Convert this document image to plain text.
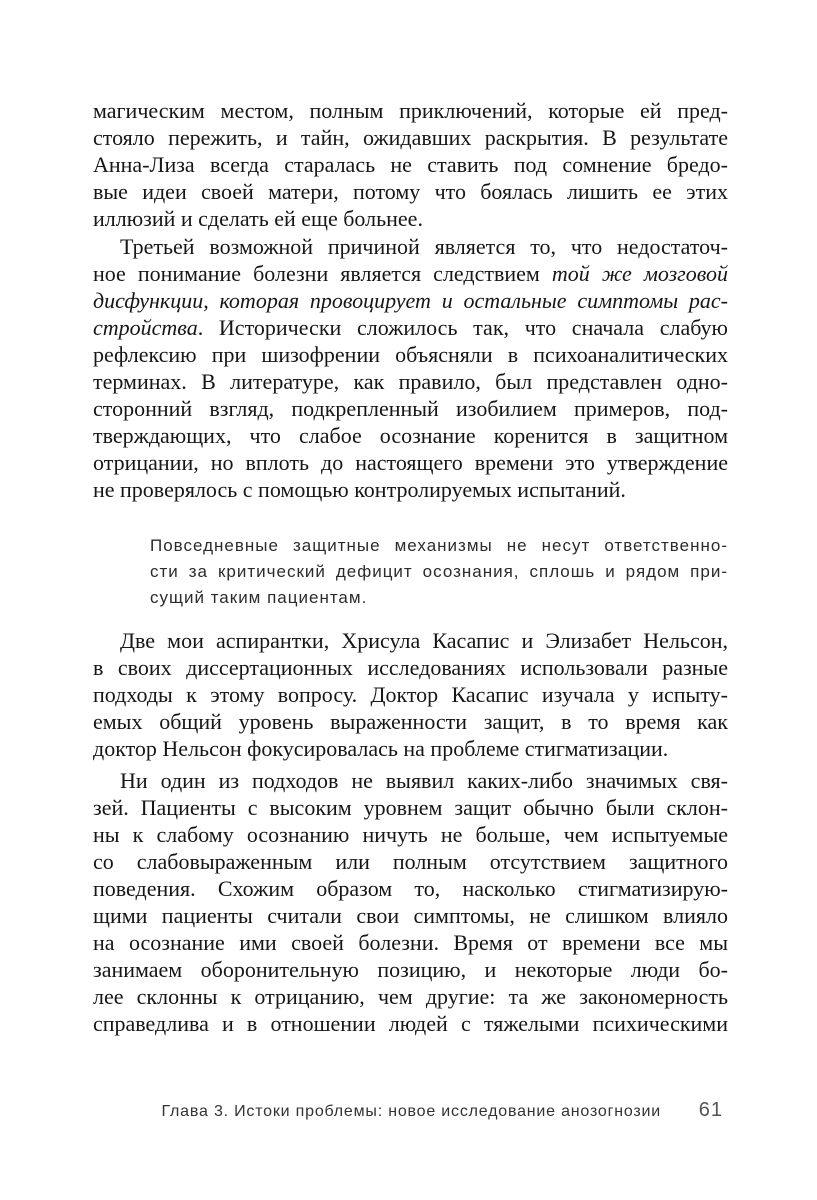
магическим местом, полным приключений, которые ей пред-
стояло пережить, и тайн, ожидавших раскрытия. В результате
Анна-Лиза всегда старалась не ставить под сомнение бредо-
вые идеи своей матери, потому что боялась лишить ее этих
иллюзий и сделать ей еще больнее.
Третьей возможной причиной является то, что недостаточ-
ное понимание болезни является следствием той же мозговой
дисфункции, которая провоцирует и остальные симптомы рас-
стройства. Исторически сложилось так, что сначала слабую
рефлексию при шизофрении объясняли в психоаналитических
терминах. В литературе, как правило, был представлен одно-
сторонний взгляд, подкрепленный изобилием примеров, под-
тверждающих, что слабое осознание коренится в защитном
отрицании, но вплоть до настоящего времени это утверждение
не проверялось с помощью контролируемых испытаний.
Повседневные защитные механизмы не несут ответственно-
сти за критический дефицит осознания, сплошь и рядом при-
сущий таким пациентам.
Две мои аспирантки, Хрисула Касапис и Элизабет Нельсон,
в своих диссертационных исследованиях использовали разные
подходы к этому вопросу. Доктор Касапис изучала у испыту-
емых общий уровень выраженности защит, в то время как
доктор Нельсон фокусировалась на проблеме стигматизации.
Ни один из подходов не выявил каких-либо значимых свя-
зей. Пациенты с высоким уровнем защит обычно были склон-
ны к слабому осознанию ничуть не больше, чем испытуемые
со слабовыраженным или полным отсутствием защитного
поведения. Схожим образом то, насколько стигматизирую-
щими пациенты считали свои симптомы, не слишком влияло
на осознание ими своей болезни. Время от времени все мы
занимаем оборонительную позицию, и некоторые люди бо-
лее склонны к отрицанию, чем другие: та же закономерность
справедлива и в отношении людей с тяжелыми психическими
Глава 3. Истоки проблемы: новое исследование анозогнозии 61
